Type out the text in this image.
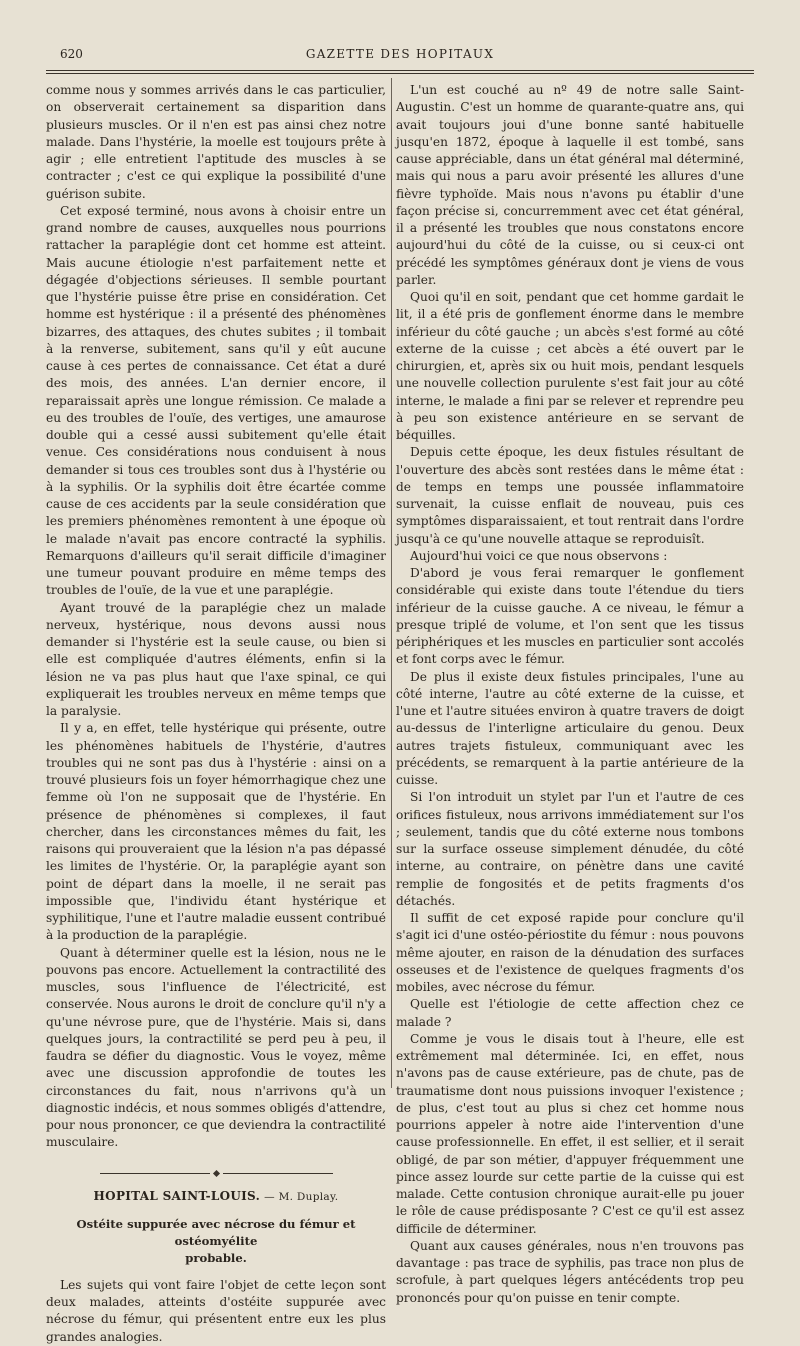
620	GAZETTE DES HOPITAUX

comme nous y sommes arrivés dans le cas particulier, on observerait certainement sa disparition dans plusieurs muscles. Or il n'en est pas ainsi chez notre malade. Dans l'hystérie, la moelle est toujours prête à agir ; elle entretient l'aptitude des muscles à se contracter ; c'est ce qui explique la possibilité d'une guérison subite.

Cet exposé terminé, nous avons à choisir entre un grand nombre de causes, auxquelles nous pourrions rattacher la paraplégie dont cet homme est atteint. Mais aucune étiologie n'est parfaitement nette et dégagée d'objections sérieuses. Il semble pourtant que l'hystérie puisse être prise en considération. Cet homme est hystérique : il a présenté des phénomènes bizarres, des attaques, des chutes subites ; il tombait à la renverse, subitement, sans qu'il y eût aucune cause à ces pertes de connaissance. Cet état a duré des mois, des années. L'an dernier encore, il reparaissait après une longue rémission. Ce malade a eu des troubles de l'ouïe, des vertiges, une amaurose double qui a cessé aussi subitement qu'elle était venue. Ces considérations nous conduisent à nous demander si tous ces troubles sont dus à l'hystérie ou à la syphilis. Or la syphilis doit être écartée comme cause de ces accidents par la seule considération que les premiers phénomènes remontent à une époque où le malade n'avait pas encore contracté la syphilis. Remarquons d'ailleurs qu'il serait difficile d'imaginer une tumeur pouvant produire en même temps des troubles de l'ouïe, de la vue et une paraplégie.

Ayant trouvé de la paraplégie chez un malade nerveux, hystérique, nous devons aussi nous demander si l'hystérie est la seule cause, ou bien si elle est compliquée d'autres éléments, enfin si la lésion ne va pas plus haut que l'axe spinal, ce qui expliquerait les troubles nerveux en même temps que la paralysie.

Il y a, en effet, telle hystérique qui présente, outre les phénomènes habituels de l'hystérie, d'autres troubles qui ne sont pas dus à l'hystérie : ainsi on a trouvé plusieurs fois un foyer hémorrhagique chez une femme où l'on ne supposait que de l'hystérie. En présence de phénomènes si complexes, il faut chercher, dans les circonstances mêmes du fait, les raisons qui prouveraient que la lésion n'a pas dépassé les limites de l'hystérie. Or, la paraplégie ayant son point de départ dans la moelle, il ne serait pas impossible que, l'individu étant hystérique et syphilitique, l'une et l'autre maladie eussent contribué à la production de la paraplégie.

Quant à déterminer quelle est la lésion, nous ne le pouvons pas encore. Actuellement la contractilité des muscles, sous l'influence de l'électricité, est conservée. Nous aurons le droit de conclure qu'il n'y a qu'une névrose pure, que de l'hystérie. Mais si, dans quelques jours, la contractilité se perd peu à peu, il faudra se défier du diagnostic. Vous le voyez, même avec une discussion approfondie de toutes les circonstances du fait, nous n'arrivons qu'à un diagnostic indécis, et nous sommes obligés d'attendre, pour nous prononcer, ce que deviendra la contractilité musculaire.

HOPITAL SAINT-LOUIS. — M. Duplay.
Ostéite suppurée avec nécrose du fémur et ostéomyélite
probable.

Les sujets qui vont faire l'objet de cette leçon sont deux malades, atteints d'ostéite suppurée avec nécrose du fémur, qui présentent entre eux les plus grandes analogies.

L'un est couché au nº 49 de notre salle Saint-Augustin. C'est un homme de quarante-quatre ans, qui avait toujours joui d'une bonne santé habituelle jusqu'en 1872, époque à laquelle il est tombé, sans cause appréciable, dans un état général mal déterminé, mais qui nous a paru avoir présenté les allures d'une fièvre typhoïde. Mais nous n'avons pu établir d'une façon précise si, concurremment avec cet état général, il a présenté les troubles que nous constatons encore aujourd'hui du côté de la cuisse, ou si ceux-ci ont précédé les symptômes généraux dont je viens de vous parler.

Quoi qu'il en soit, pendant que cet homme gardait le lit, il a été pris de gonflement énorme dans le membre inférieur du côté gauche ; un abcès s'est formé au côté externe de la cuisse ; cet abcès a été ouvert par le chirurgien, et, après six ou huit mois, pendant lesquels une nouvelle collection purulente s'est fait jour au côté interne, le malade a fini par se relever et reprendre peu à peu son existence antérieure en se servant de béquilles.

Depuis cette époque, les deux fistules résultant de l'ouverture des abcès sont restées dans le même état : de temps en temps une poussée inflammatoire survenait, la cuisse enflait de nouveau, puis ces symptômes disparaissaient, et tout rentrait dans l'ordre jusqu'à ce qu'une nouvelle attaque se reproduisît.

Aujourd'hui voici ce que nous observons :

D'abord je vous ferai remarquer le gonflement considérable qui existe dans toute l'étendue du tiers inférieur de la cuisse gauche. A ce niveau, le fémur a presque triplé de volume, et l'on sent que les tissus périphériques et les muscles en particulier sont accolés et font corps avec le fémur.

De plus il existe deux fistules principales, l'une au côté interne, l'autre au côté externe de la cuisse, et l'une et l'autre situées environ à quatre travers de doigt au-dessus de l'interligne articulaire du genou. Deux autres trajets fistuleux, communiquant avec les précédents, se remarquent à la partie antérieure de la cuisse.

Si l'on introduit un stylet par l'un et l'autre de ces orifices fistuleux, nous arrivons immédiatement sur l'os ; seulement, tandis que du côté externe nous tombons sur la surface osseuse simplement dénudée, du côté interne, au contraire, on pénètre dans une cavité remplie de fongosités et de petits fragments d'os détachés.

Il suffit de cet exposé rapide pour conclure qu'il s'agit ici d'une ostéo-périostite du fémur : nous pouvons même ajouter, en raison de la dénudation des surfaces osseuses et de l'existence de quelques fragments d'os mobiles, avec nécrose du fémur.

Quelle est l'étiologie de cette affection chez ce malade ?

Comme je vous le disais tout à l'heure, elle est extrêmement mal déterminée. Ici, en effet, nous n'avons pas de cause extérieure, pas de chute, pas de traumatisme dont nous puissions invoquer l'existence ; de plus, c'est tout au plus si chez cet homme nous pourrions appeler à notre aide l'intervention d'une cause professionnelle. En effet, il est sellier, et il serait obligé, de par son métier, d'appuyer fréquemment une pince assez lourde sur cette partie de la cuisse qui est malade. Cette contusion chronique aurait-elle pu jouer le rôle de cause prédisposante ? C'est ce qu'il est assez difficile de déterminer.

Quant aux causes générales, nous n'en trouvons pas davantage : pas trace de syphilis, pas trace non plus de scrofule, à part quelques légers antécédents trop peu prononcés pour qu'on puisse en tenir compte.
